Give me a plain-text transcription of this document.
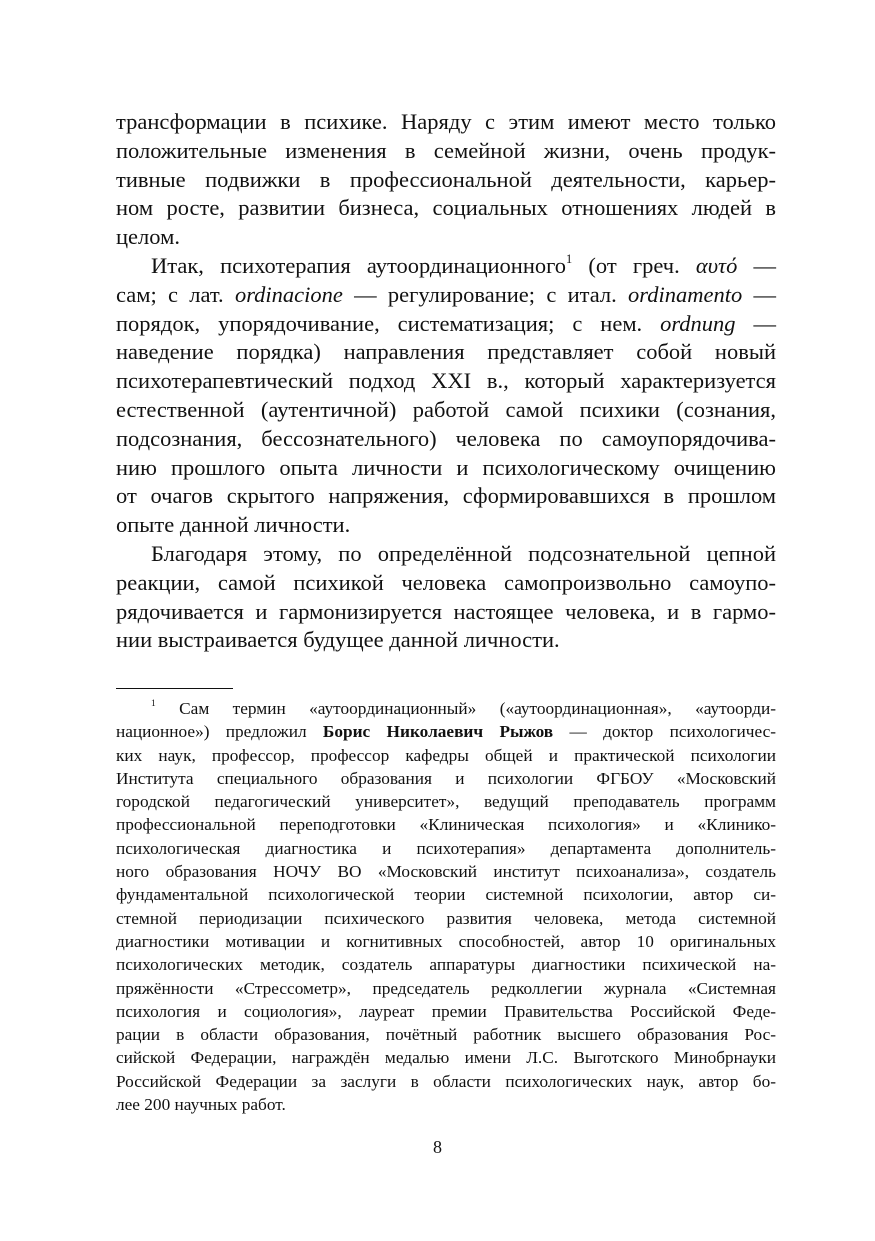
трансформации в психике. Наряду с этим имеют место только
положительные изменения в семейной жизни, очень продук-
тивные подвижки в профессиональной деятельности, карьер-
ном росте, развитии бизнеса, социальных отношениях людей в
целом.

Итак, психотерапия аутоординационного$^1$ (от греч. αυτό —
сам; с лат. ordinacione — регулирование; с итал. ordinamento —
порядок, упорядочивание, систематизация; с нем. ordnung —
наведение порядка) направления представляет собой новый
психотерапевтический подход XXI в., который характеризуется
естественной (аутентичной) работой самой психики (сознания,
подсознания, бессознательного) человека по самоупорядочива-
нию прошлого опыта личности и психологическому очищению
от очагов скрытого напряжения, сформировавшихся в прошлом
опыте данной личности.

Благодаря этому, по определённой подсознательной цепной
реакции, самой психикой человека самопроизвольно самоупо-
рядочивается и гармонизируется настоящее человека, и в гармо-
нии выстраивается будущее данной личности.

$^1$ Сам термин «аутоординационный» («аутоординационная», «аутоорди-
национное») предложил Борис Николаевич Рыжов — доктор психологичес-
ких наук, профессор, профессор кафедры общей и практической психологии
Института специального образования и психологии ФГБОУ «Московский
городской педагогический университет», ведущий преподаватель программ
профессиональной переподготовки «Клиническая психология» и «Клинико-
психологическая диагностика и психотерапия» департамента дополнитель-
ного образования НОЧУ ВО «Московский институт психоанализа», создатель
фундаментальной психологической теории системной психологии, автор си-
стемной периодизации психического развития человека, метода системной
диагностики мотивации и когнитивных способностей, автор 10 оригинальных
психологических методик, создатель аппаратуры диагностики психической на-
пряжённости «Стрессометр», председатель редколлегии журнала «Системная
психология и социология», лауреат премии Правительства Российской Феде-
рации в области образования, почётный работник высшего образования Рос-
сийской Федерации, награждён медалью имени Л.С. Выготского Минобрнауки
Российской Федерации за заслуги в области психологических наук, автор бо-
лее 200 научных работ.
8
